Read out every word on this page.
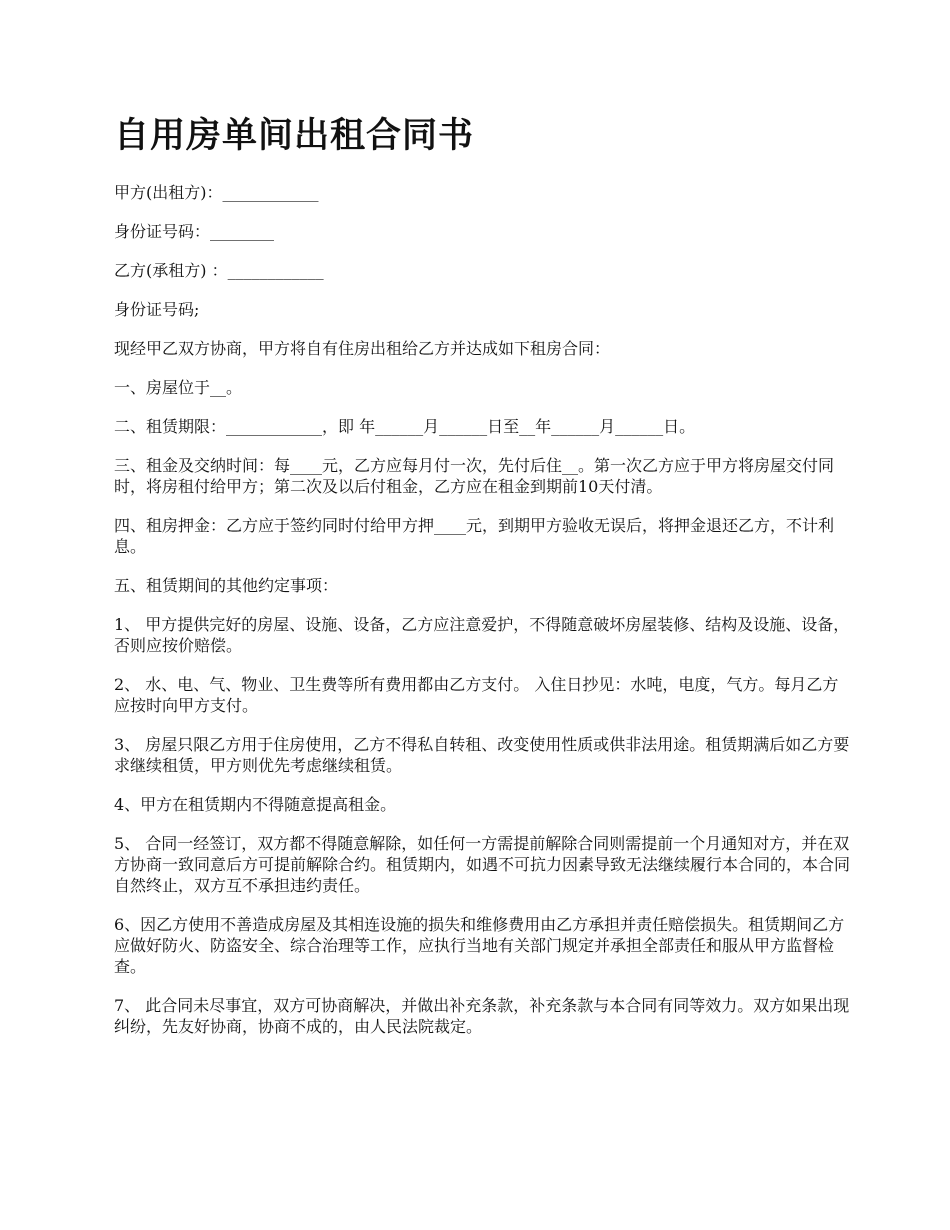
自用房单间出租合同书

甲方(出租方)：____________

身份证号码：________

乙方(承租方) ：____________

身份证号码;

现经甲乙双方协商，甲方将自有住房出租给乙方并达成如下租房合同：

一、房屋位于__。

二、租赁期限：____________，即 年______月______日至__年______月______日。

三、租金及交纳时间：每____元，乙方应每月付一次，先付后住__。第一次乙方应于甲方将房屋交付同时，将房租付给甲方；第二次及以后付租金，乙方应在租金到期前10天付清。

四、租房押金：乙方应于签约同时付给甲方押____元，到期甲方验收无误后，将押金退还乙方，不计利息。

五、租赁期间的其他约定事项：

1、 甲方提供完好的房屋、设施、设备，乙方应注意爱护，不得随意破坏房屋装修、结构及设施、设备，否则应按价赔偿。

2、 水、电、气、物业、卫生费等所有费用都由乙方支付。 入住日抄见：水吨，电度，气方。每月乙方应按时向甲方支付。

3、 房屋只限乙方用于住房使用，乙方不得私自转租、改变使用性质或供非法用途。租赁期满后如乙方要求继续租赁，甲方则优先考虑继续租赁。

4、甲方在租赁期内不得随意提高租金。

5、 合同一经签订，双方都不得随意解除，如任何一方需提前解除合同则需提前一个月通知对方，并在双方协商一致同意后方可提前解除合约。租赁期内，如遇不可抗力因素导致无法继续履行本合同的，本合同自然终止，双方互不承担违约责任。

6、因乙方使用不善造成房屋及其相连设施的损失和维修费用由乙方承担并责任赔偿损失。租赁期间乙方应做好防火、防盗安全、综合治理等工作，应执行当地有关部门规定并承担全部责任和服从甲方监督检查。

7、 此合同未尽事宜，双方可协商解决，并做出补充条款，补充条款与本合同有同等效力。双方如果出现纠纷，先友好协商，协商不成的，由人民法院裁定。
